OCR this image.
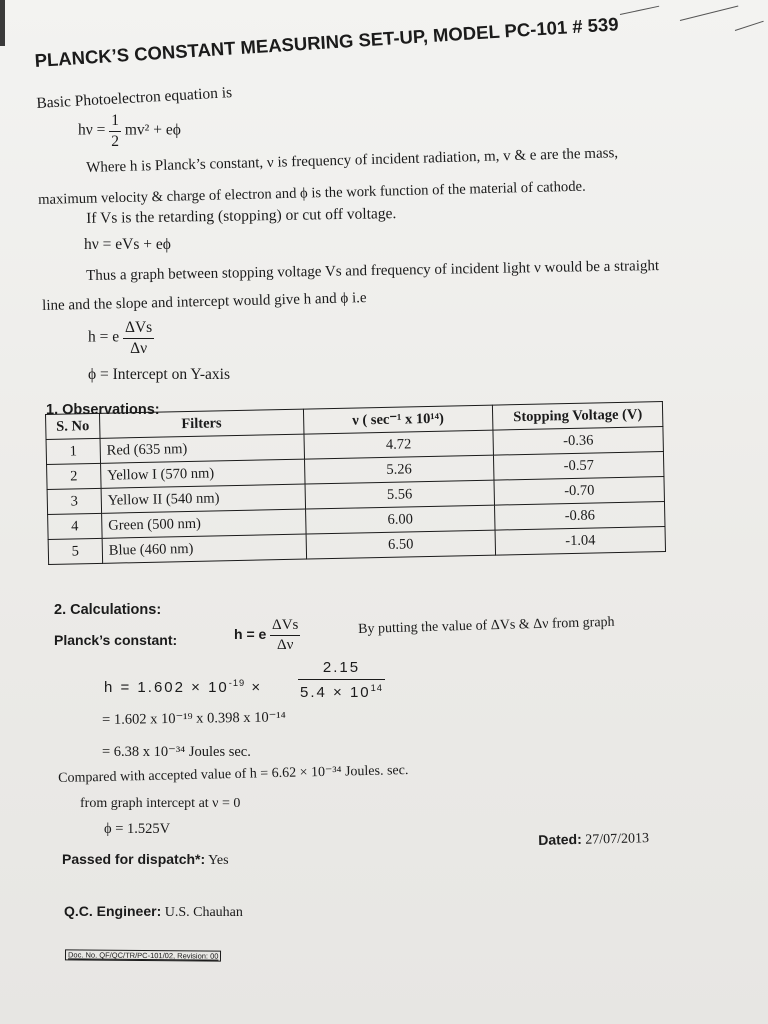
PLANCK’S CONSTANT MEASURING SET-UP, MODEL PC-101 # 539
Basic Photoelectron equation is
$h\nu = \frac{1}{2} mv^2 + e\phi$
Where h is Planck’s constant, ν is frequency of incident radiation, m, v & e are the mass,
maximum velocity & charge of electron and ϕ is the work function of the material of cathode.
If Vs is the retarding (stopping) or cut off voltage.
hν = eVs + eϕ
Thus a graph between stopping voltage Vs and frequency of incident light ν would be a straight
line and the slope and intercept would give h and ϕ i.e
h = e $\frac{\text{ΔVs}}{\Delta\nu}$
ϕ = Intercept on Y-axis
1. Observations:
S. No	Filters	ν ( sec⁻¹ x 10¹⁴)	Stopping Voltage (V)
1	Red (635 nm)	4.72	-0.36
2	Yellow I (570 nm)	5.26	-0.57
3	Yellow II (540 nm)	5.56	-0.70
4	Green (500 nm)	6.00	-0.86
5	Blue (460 nm)	6.50	-1.04
2. Calculations:
Planck’s constant:	h = e $\frac{\text{ΔVs}}{\Delta\nu}$	By putting the value of ΔVs & Δν from graph
$h = 1.602 \times 10^{-19} \times \frac{2.15}{5.4 \times 10^{14}}$
= 1.602 x 10⁻¹⁹ x 0.398 x 10⁻¹⁴
= 6.38 x 10⁻³⁴ Joules sec.
Compared with accepted value of h = 6.62 × 10⁻³⁴ Joules. sec.
from graph intercept at ν = 0
ϕ = 1.525V
Dated: 27/07/2013
Passed for dispatch*: Yes
Q.C. Engineer: U.S. Chauhan
Doc. No. QF/QC/TR/PC-101/02, Revision: 00
